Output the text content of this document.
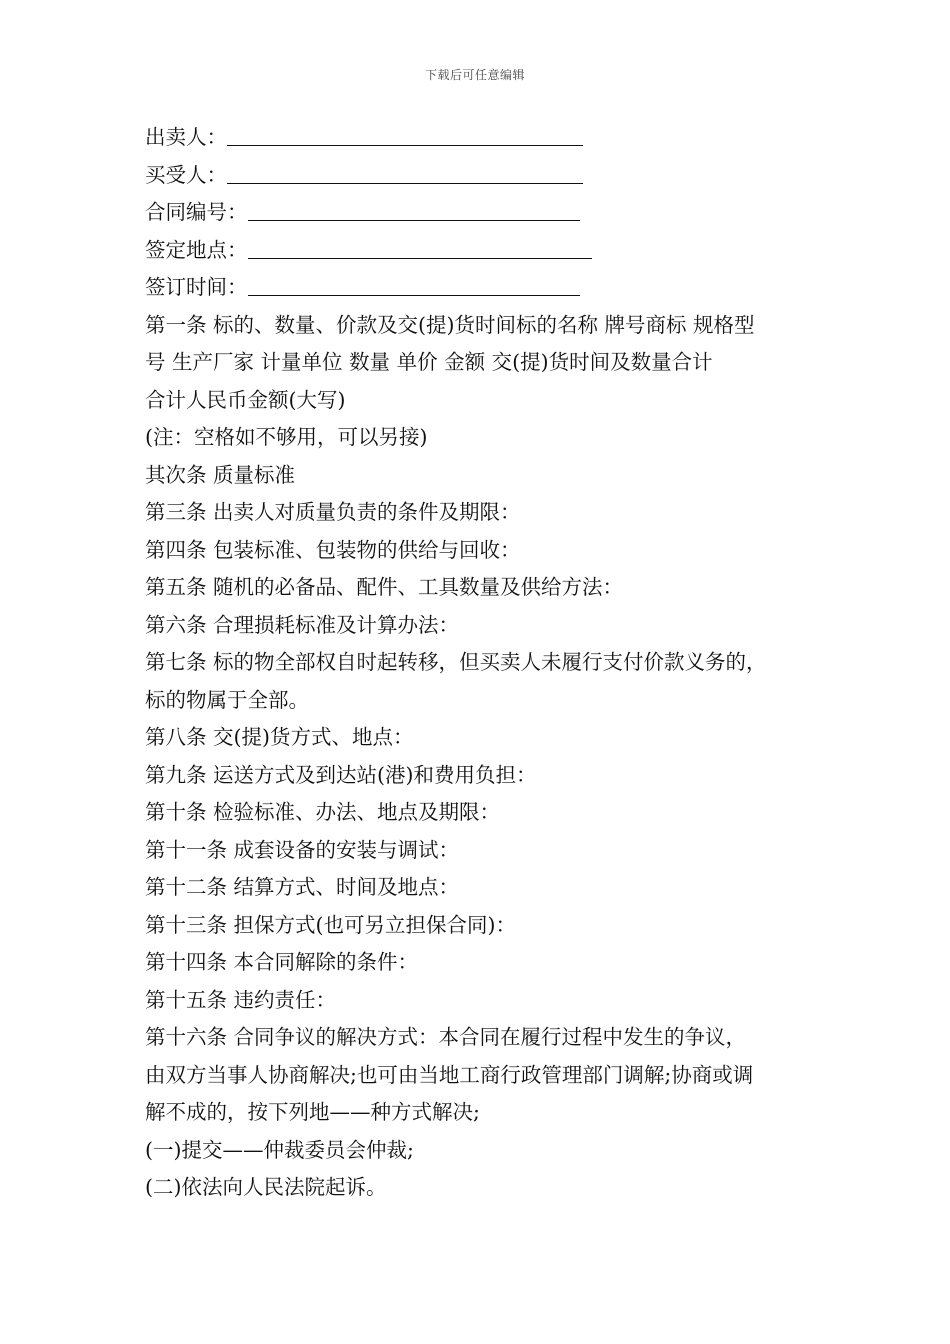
下载后可任意编辑
出卖人：
买受人：
合同编号：
签定地点：
签订时间：
第一条 标的、数量、价款及交(提)货时间标的名称 牌号商标 规格型
号 生产厂家 计量单位 数量 单价 金额 交(提)货时间及数量合计
合计人民币金额(大写)
(注：空格如不够用，可以另接)
其次条 质量标准
第三条 出卖人对质量负责的条件及期限：
第四条 包装标准、包装物的供给与回收：
第五条 随机的必备品、配件、工具数量及供给方法：
第六条 合理损耗标准及计算办法：
第七条 标的物全部权自时起转移，但买卖人未履行支付价款义务的，
标的物属于全部。
第八条 交(提)货方式、地点：
第九条 运送方式及到达站(港)和费用负担：
第十条 检验标准、办法、地点及期限：
第十一条 成套设备的安装与调试：
第十二条 结算方式、时间及地点：
第十三条 担保方式(也可另立担保合同)：
第十四条 本合同解除的条件：
第十五条 违约责任：
第十六条 合同争议的解决方式：本合同在履行过程中发生的争议，
由双方当事人协商解决;也可由当地工商行政管理部门调解;协商或调
解不成的，按下列地——种方式解决;
(一)提交——仲裁委员会仲裁;
(二)依法向人民法院起诉。
